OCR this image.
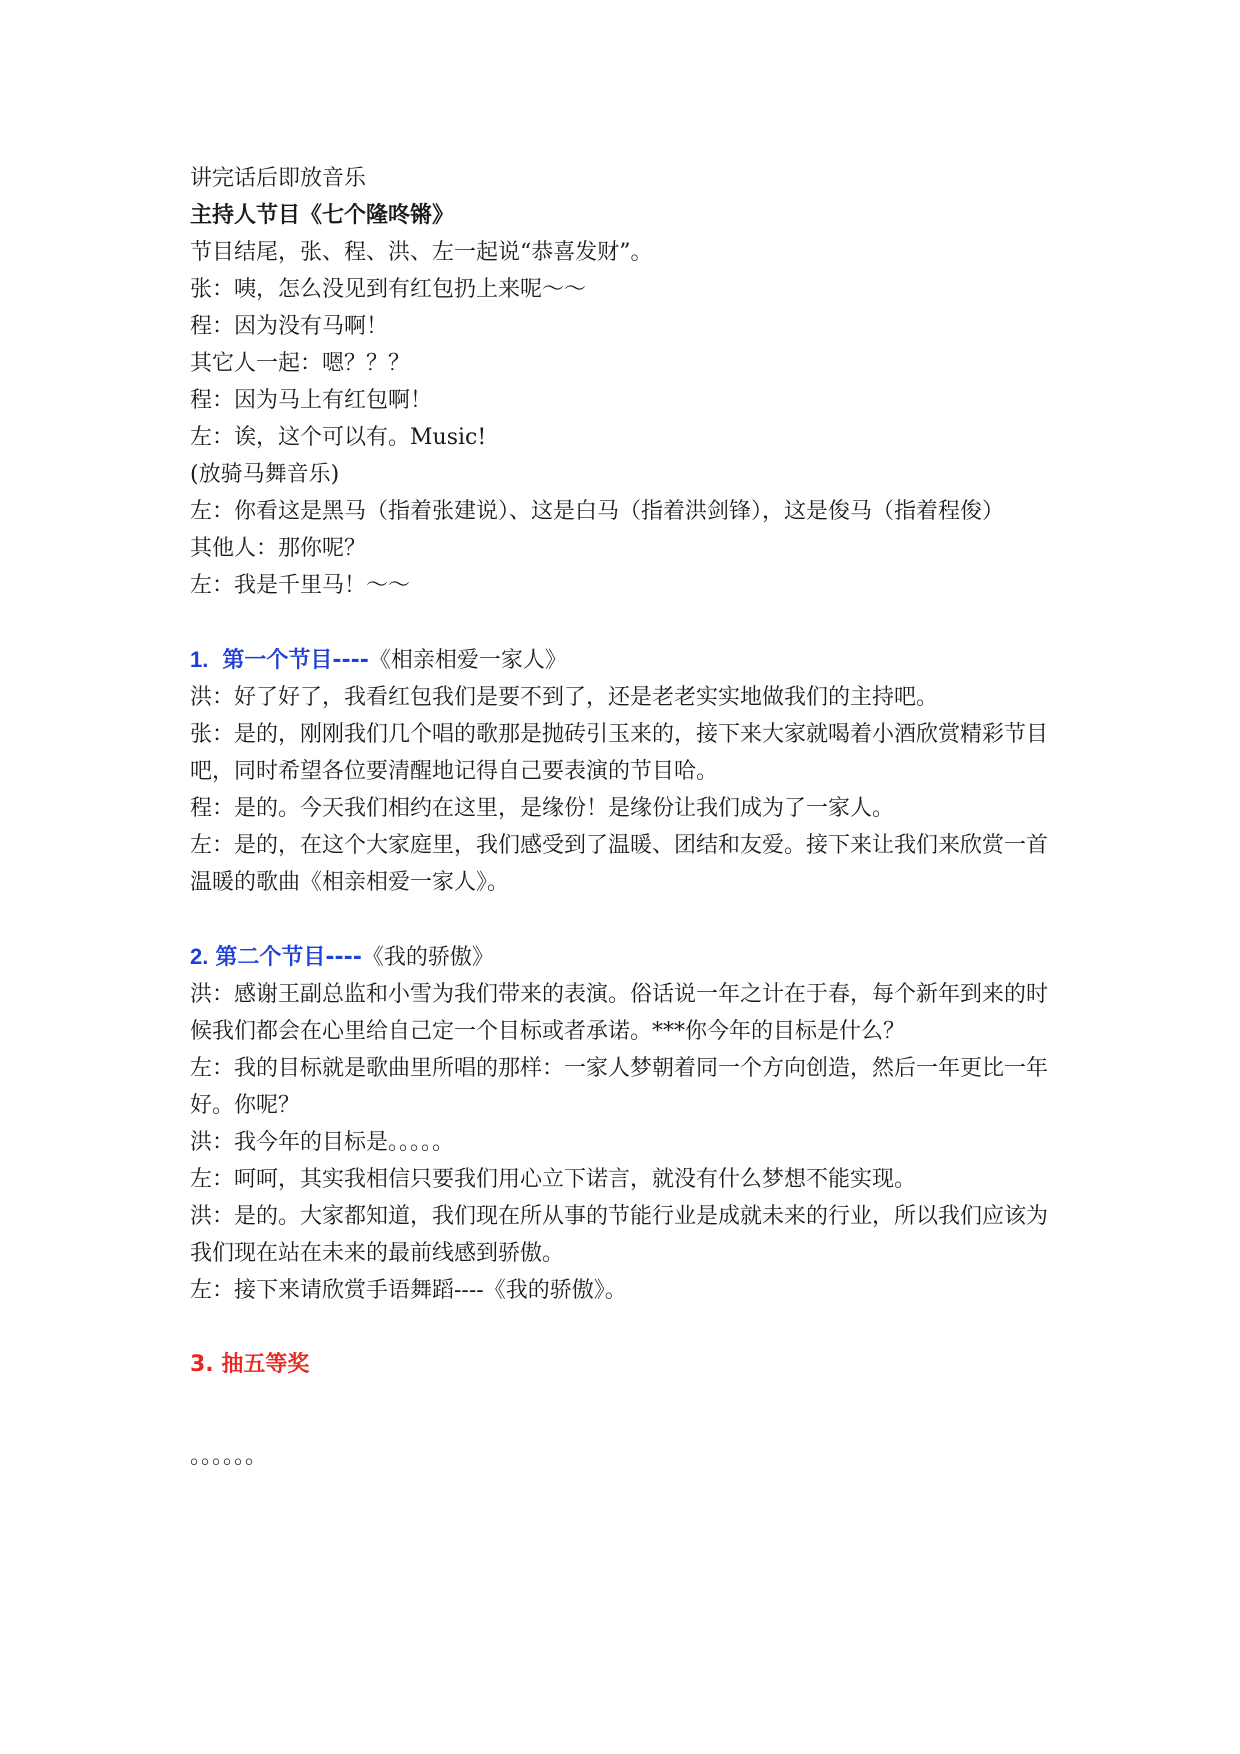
讲完话后即放音乐

主持人节目《七个隆咚锵》

节目结尾，张、程、洪、左一起说“恭喜发财”。

张：咦，怎么没见到有红包扔上来呢～～

程：因为没有马啊！

其它人一起：嗯？？？

程：因为马上有红包啊！

左：诶，这个可以有。Music!

(放骑马舞音乐)

左：你看这是黑马（指着张建说）、这是白马（指着洪剑锋），这是俊马（指着程俊）

其他人：那你呢？

左：我是千里马！～～

1. 第一个节目----《相亲相爱一家人》

洪：好了好了，我看红包我们是要不到了，还是老老实实地做我们的主持吧。

张：是的，刚刚我们几个唱的歌那是抛砖引玉来的，接下来大家就喝着小酒欣赏精彩节目吧，同时希望各位要清醒地记得自己要表演的节目哈。

程：是的。今天我们相约在这里，是缘份！是缘份让我们成为了一家人。

左：是的，在这个大家庭里，我们感受到了温暖、团结和友爱。接下来让我们来欣赏一首温暖的歌曲《相亲相爱一家人》。

2. 第二个节目----《我的骄傲》

洪：感谢王副总监和小雪为我们带来的表演。俗话说一年之计在于春，每个新年到来的时候我们都会在心里给自己定一个目标或者承诺。***你今年的目标是什么？

左：我的目标就是歌曲里所唱的那样：一家人梦朝着同一个方向创造，然后一年更比一年好。你呢？

洪：我今年的目标是。。。。。

左：呵呵，其实我相信只要我们用心立下诺言，就没有什么梦想不能实现。

洪：是的。大家都知道，我们现在所从事的节能行业是成就未来的行业，所以我们应该为我们现在站在未来的最前线感到骄傲。

左：接下来请欣赏手语舞蹈----《我的骄傲》。

3. 抽五等奖

。。。。。。
